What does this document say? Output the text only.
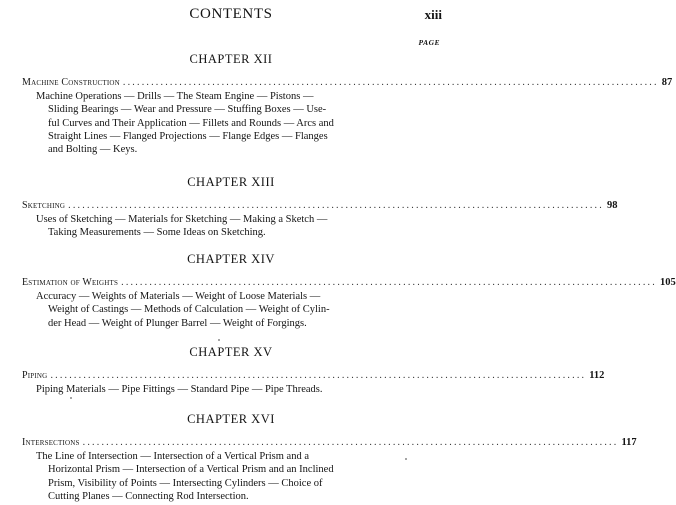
CONTENTS	xiii
PAGE
CHAPTER XII
Machine Construction .................................................................................................................. 87
Machine Operations — Drills — The Steam Engine — Pistons —
Sliding Bearings — Wear and Pressure — Stuffing Boxes — Use-
ful Curves and Their Application — Fillets and Rounds — Arcs and
Straight Lines — Flanged Projections — Flange Edges — Flanges
and Bolting — Keys.
CHAPTER XIII
Sketching .................................................................................................................. 98
Uses of Sketching — Materials for Sketching — Making a Sketch —
Taking Measurements — Some Ideas on Sketching.
CHAPTER XIV
Estimation of Weights .................................................................................................................. 105
Accuracy — Weights of Materials — Weight of Loose Materials —
Weight of Castings — Methods of Calculation — Weight of Cylin-
der Head — Weight of Plunger Barrel — Weight of Forgings.
CHAPTER XV
Piping .................................................................................................................. 112
Piping Materials — Pipe Fittings — Standard Pipe — Pipe Threads.
CHAPTER XVI
Intersections .................................................................................................................. 117
The Line of Intersection — Intersection of a Vertical Prism and a
Horizontal Prism — Intersection of a Vertical Prism and an Inclined
Prism, Visibility of Points — Intersecting Cylinders — Choice of
Cutting Planes — Connecting Rod Intersection.
